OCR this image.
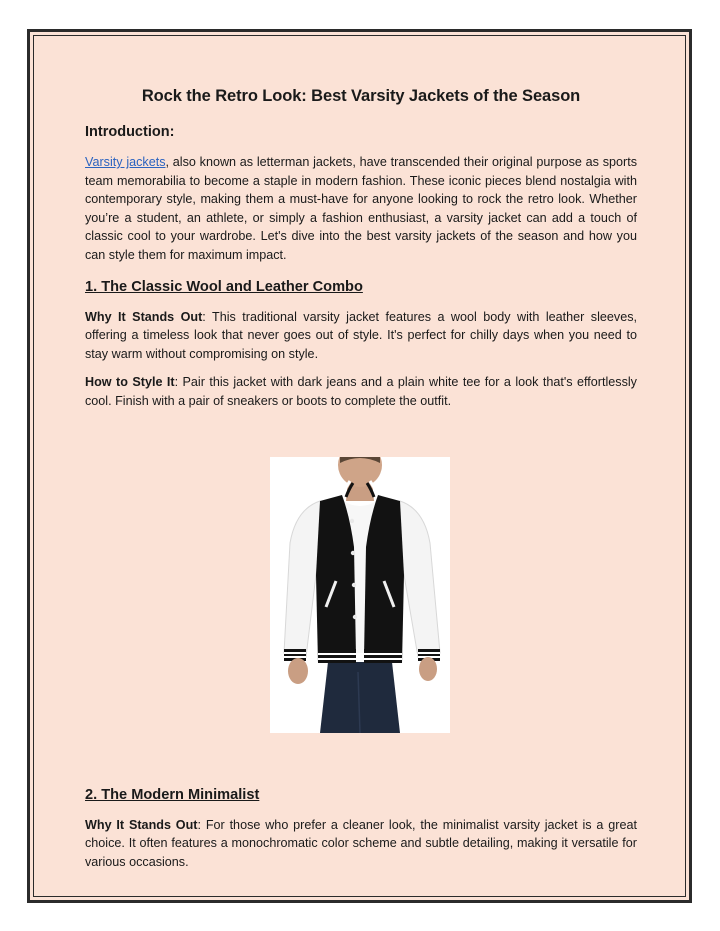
Rock the Retro Look: Best Varsity Jackets of the Season
Introduction:

Varsity jackets, also known as letterman jackets, have transcended their original purpose as sports team memorabilia to become a staple in modern fashion. These iconic pieces blend nostalgia with contemporary style, making them a must-have for anyone looking to rock the retro look. Whether you’re a student, an athlete, or simply a fashion enthusiast, a varsity jacket can add a touch of classic cool to your wardrobe. Let's dive into the best varsity jackets of the season and how you can style them for maximum impact.

1. The Classic Wool and Leather Combo

Why It Stands Out: This traditional varsity jacket features a wool body with leather sleeves, offering a timeless look that never goes out of style. It's perfect for chilly days when you need to stay warm without compromising on style.

How to Style It: Pair this jacket with dark jeans and a plain white tee for a look that's effortlessly cool. Finish with a pair of sneakers or boots to complete the outfit.

2. The Modern Minimalist

Why It Stands Out: For those who prefer a cleaner look, the minimalist varsity jacket is a great choice. It often features a monochromatic color scheme and subtle detailing, making it versatile for various occasions.
